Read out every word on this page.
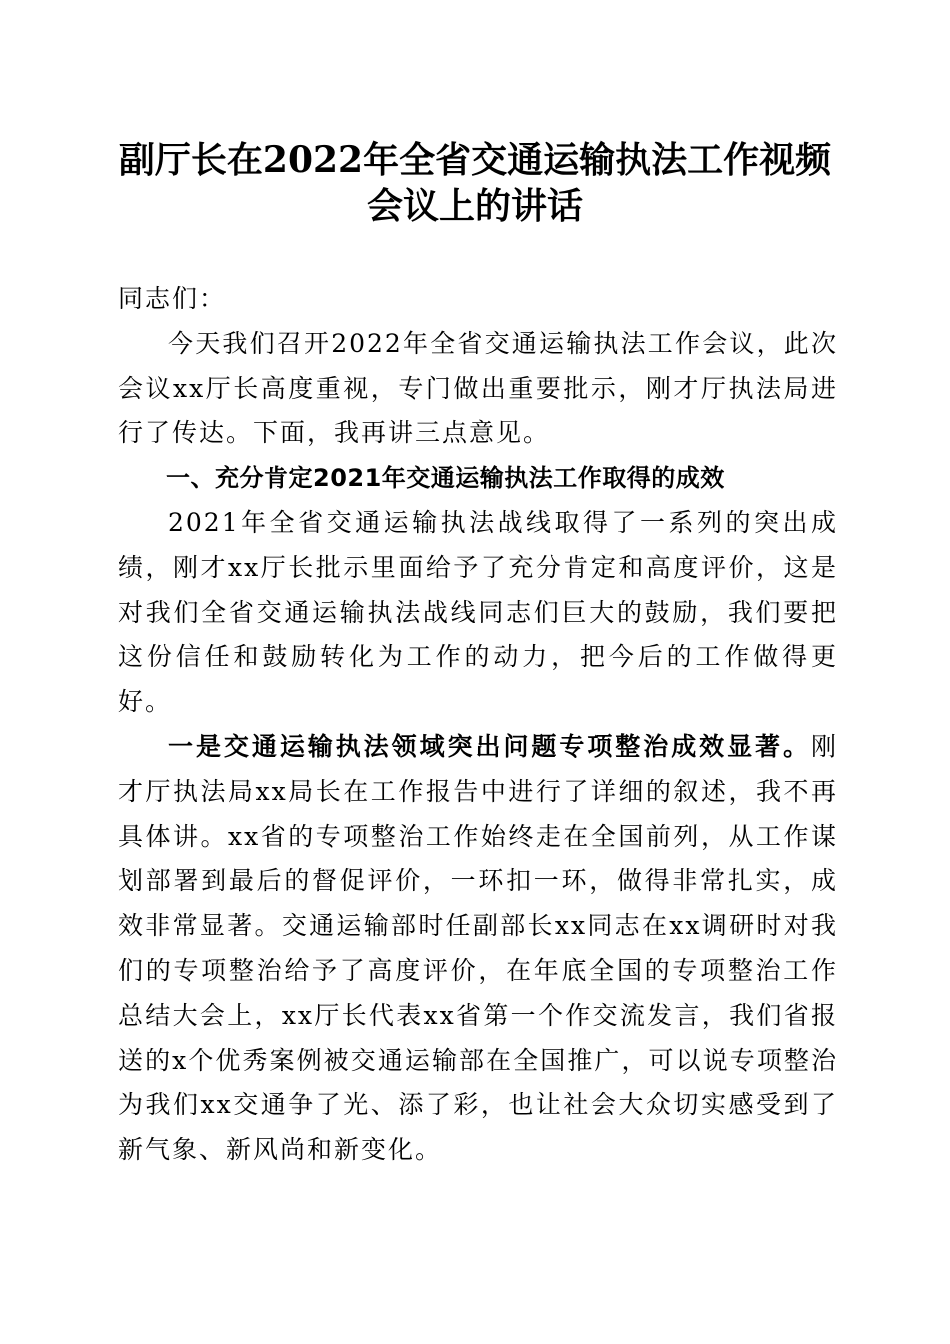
副厅长在2022年全省交通运输执法工作视频
会议上的讲话

同志们：

今天我们召开2022年全省交通运输执法工作会议，此次会议xx厅长高度重视，专门做出重要批示，刚才厅执法局进行了传达。下面，我再讲三点意见。

一、充分肯定2021年交通运输执法工作取得的成效

2021年全省交通运输执法战线取得了一系列的突出成绩，刚才xx厅长批示里面给予了充分肯定和高度评价，这是对我们全省交通运输执法战线同志们巨大的鼓励，我们要把这份信任和鼓励转化为工作的动力，把今后的工作做得更好。

一是交通运输执法领域突出问题专项整治成效显著。刚才厅执法局xx局长在工作报告中进行了详细的叙述，我不再具体讲。xx省的专项整治工作始终走在全国前列，从工作谋划部署到最后的督促评价，一环扣一环，做得非常扎实，成效非常显著。交通运输部时任副部长xx同志在xx调研时对我们的专项整治给予了高度评价，在年底全国的专项整治工作总结大会上，xx厅长代表xx省第一个作交流发言，我们省报送的x个优秀案例被交通运输部在全国推广，可以说专项整治为我们xx交通争了光、添了彩，也让社会大众切实感受到了新气象、新风尚和新变化。
